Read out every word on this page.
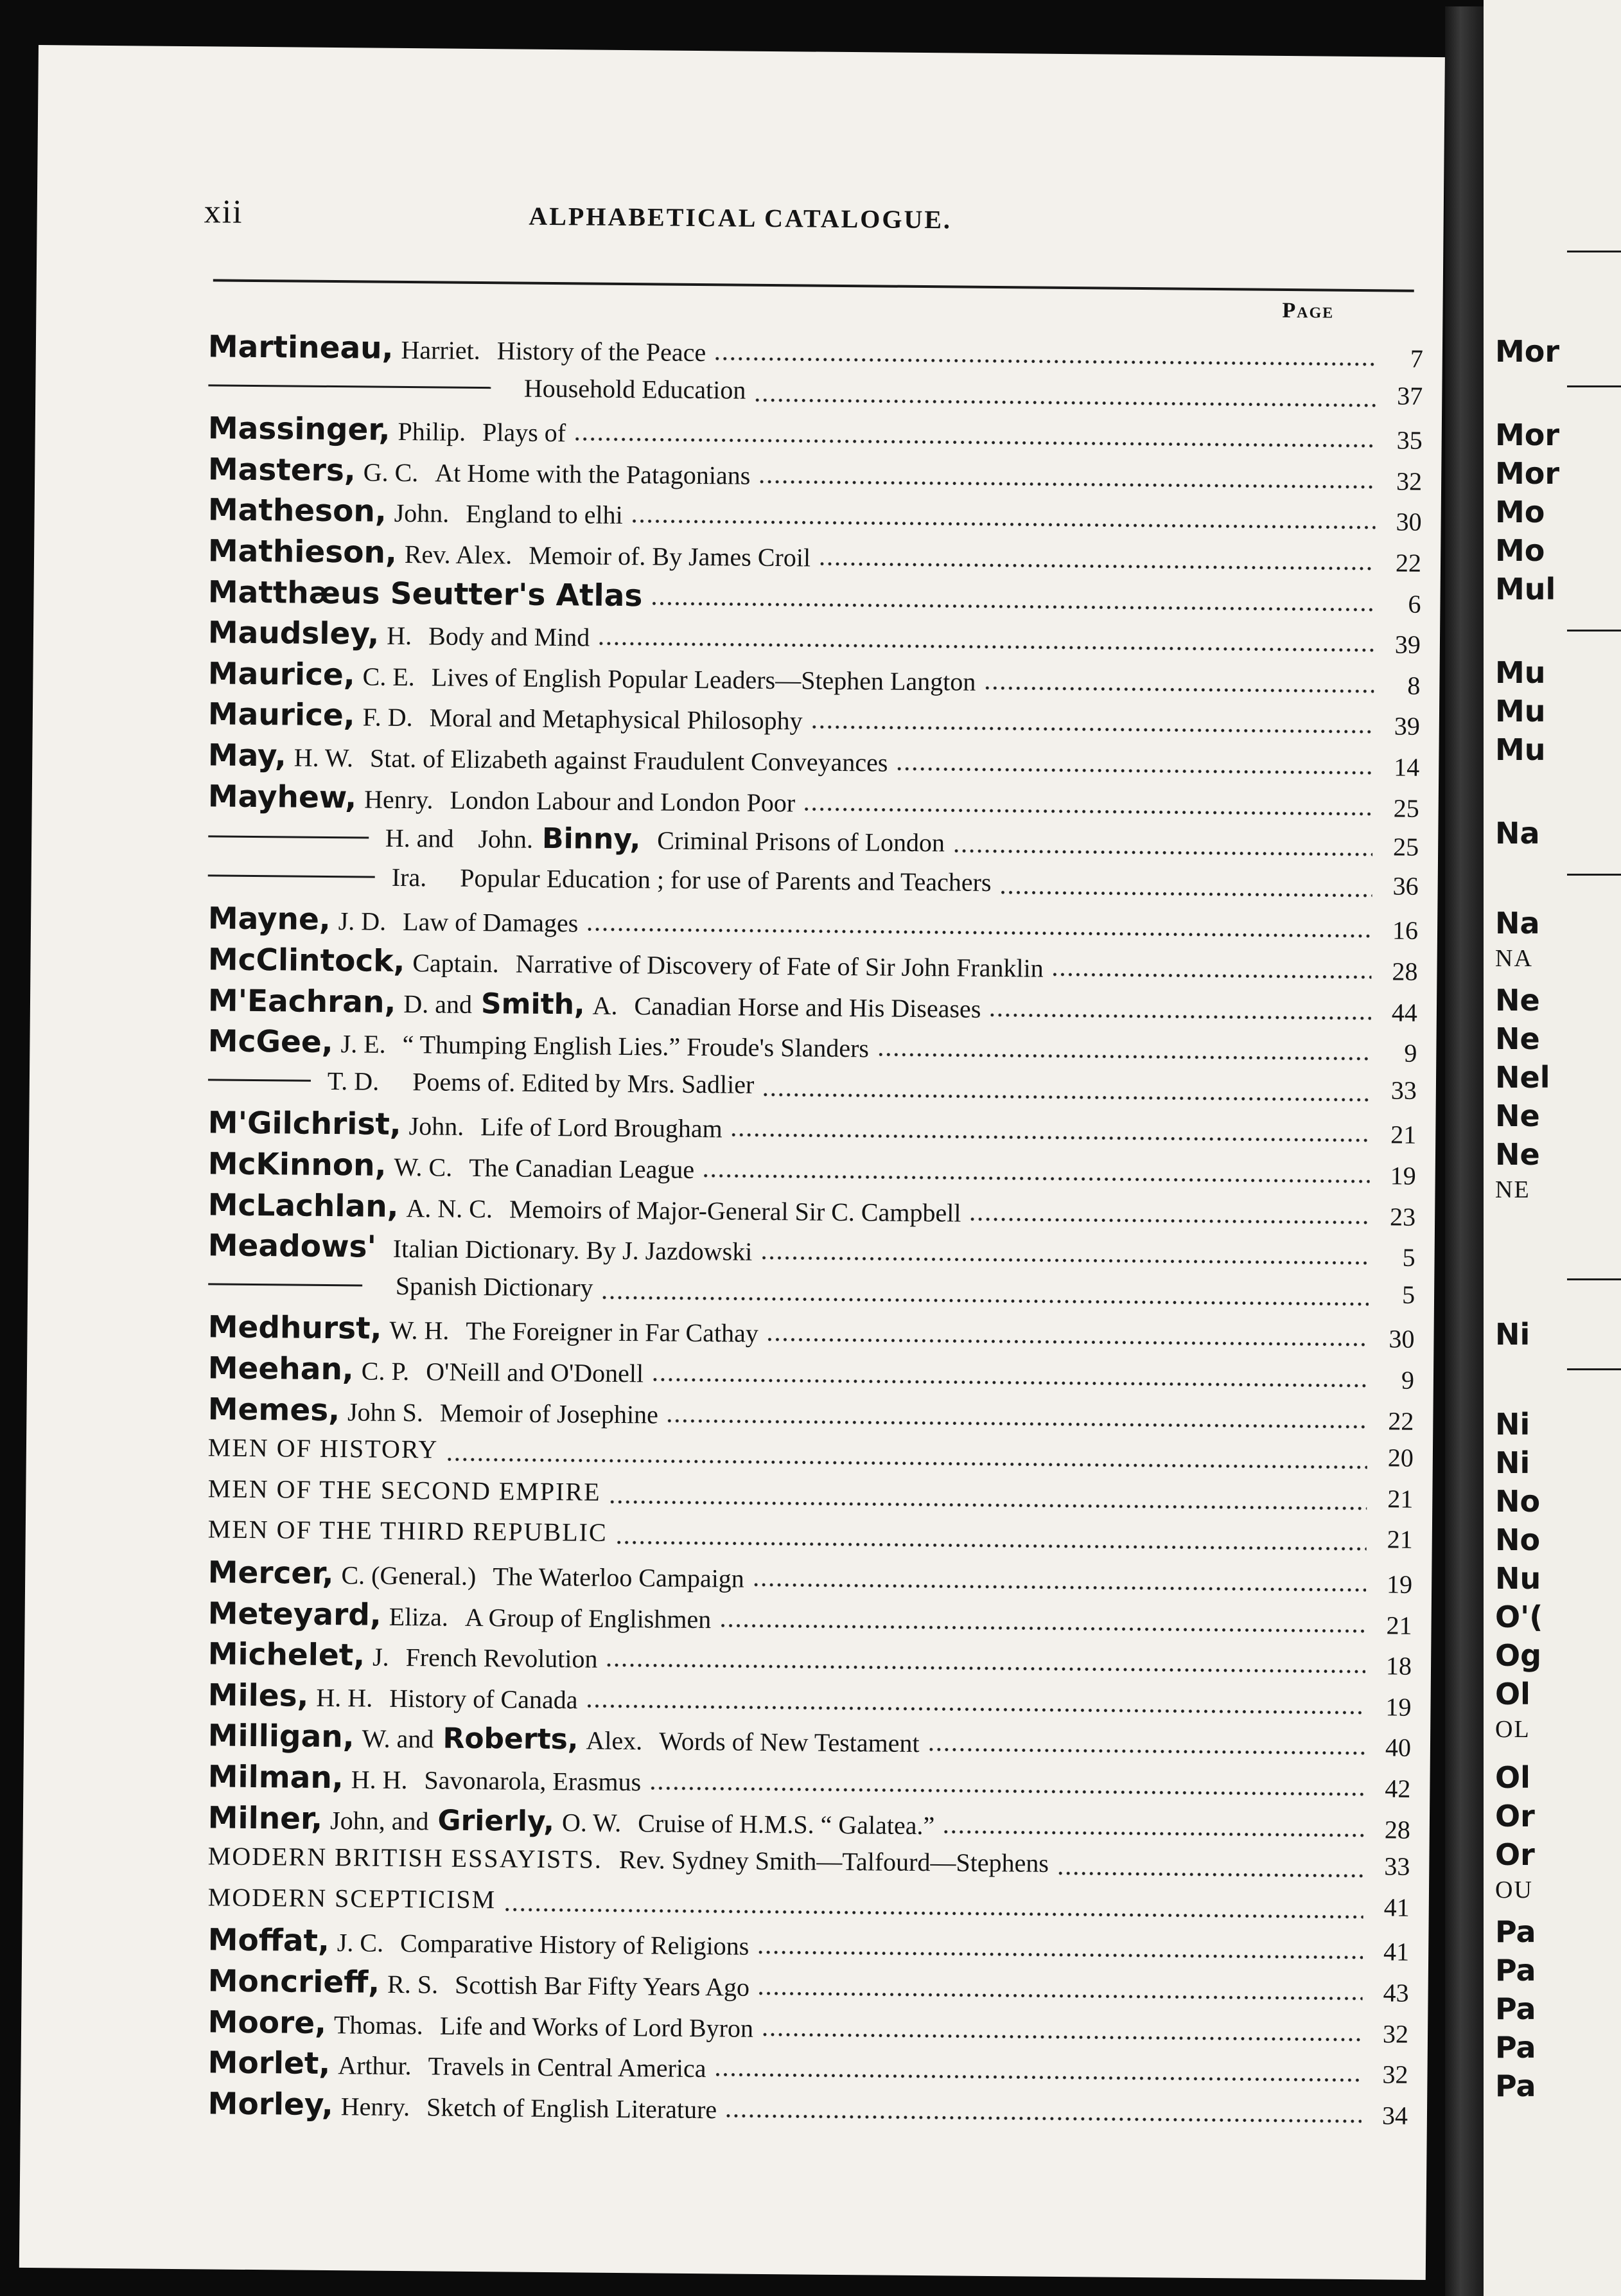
Mor
Mor
Mor
Mo
Mo
Mul
Mu
Mu
Mu
Na
Na
NA
Ne
Ne
Nel
Ne
Ne
NE
Ni
Ni
Ni
No
No
Nu
O'(
Og
Ol
OL
Ol
Or
Or
OU
Pa
Pa
Pa
Pa
Pa
xii	ALPHABETICAL CATALOGUE.
Page
Martineau, Harriet. History of the Peace	7
Household Education	37
Massinger, Philip. Plays of	35
Masters, G. C. At Home with the Patagonians	32
Matheson, John. England to elhi	30
Mathieson, Rev. Alex. Memoir of. By James Croil	22
Matthæus Seutter's Atlas	6
Maudsley, H. Body and Mind	39
Maurice, C. E. Lives of English Popular Leaders—Stephen Langton	8
Maurice, F. D. Moral and Metaphysical Philosophy	39
May, H. W. Stat. of Elizabeth against Fraudulent Conveyances	14
Mayhew, Henry. London Labour and London Poor	25
H. and John. Binny, Criminal Prisons of London	25
Ira. Popular Education ; for use of Parents and Teachers	36
Mayne, J. D. Law of Damages	16
McClintock, Captain. Narrative of Discovery of Fate of Sir John Franklin	28
M'Eachran, D. and Smith, A. Canadian Horse and His Diseases	44
McGee, J. E. “ Thumping English Lies.” Froude's Slanders	9
T. D. Poems of. Edited by Mrs. Sadlier	33
M'Gilchrist, John. Life of Lord Brougham	21
McKinnon, W. C. The Canadian League	19
McLachlan, A. N. C. Memoirs of Major-General Sir C. Campbell	23
Meadows' Italian Dictionary. By J. Jazdowski	5
Spanish Dictionary	5
Medhurst, W. H. The Foreigner in Far Cathay	30
Meehan, C. P. O'Neill and O'Donell	9
Memes, John S. Memoir of Josephine	22
MEN OF HISTORY	20
MEN OF THE SECOND EMPIRE	21
MEN OF THE THIRD REPUBLIC	21
Mercer, C. (General.) The Waterloo Campaign	19
Meteyard, Eliza. A Group of Englishmen	21
Michelet, J. French Revolution	18
Miles, H. H. History of Canada	19
Milligan, W. and Roberts, Alex. Words of New Testament	40
Milman, H. H. Savonarola, Erasmus	42
Milner, John, and Grierly, O. W. Cruise of H.M.S. “ Galatea.”	28
MODERN BRITISH ESSAYISTS. Rev. Sydney Smith—Talfourd—Stephens	33
MODERN SCEPTICISM	41
Moffat, J. C. Comparative History of Religions	41
Moncrieff, R. S. Scottish Bar Fifty Years Ago	43
Moore, Thomas. Life and Works of Lord Byron	32
Morlet, Arthur. Travels in Central America	32
Morley, Henry. Sketch of English Literature	34
